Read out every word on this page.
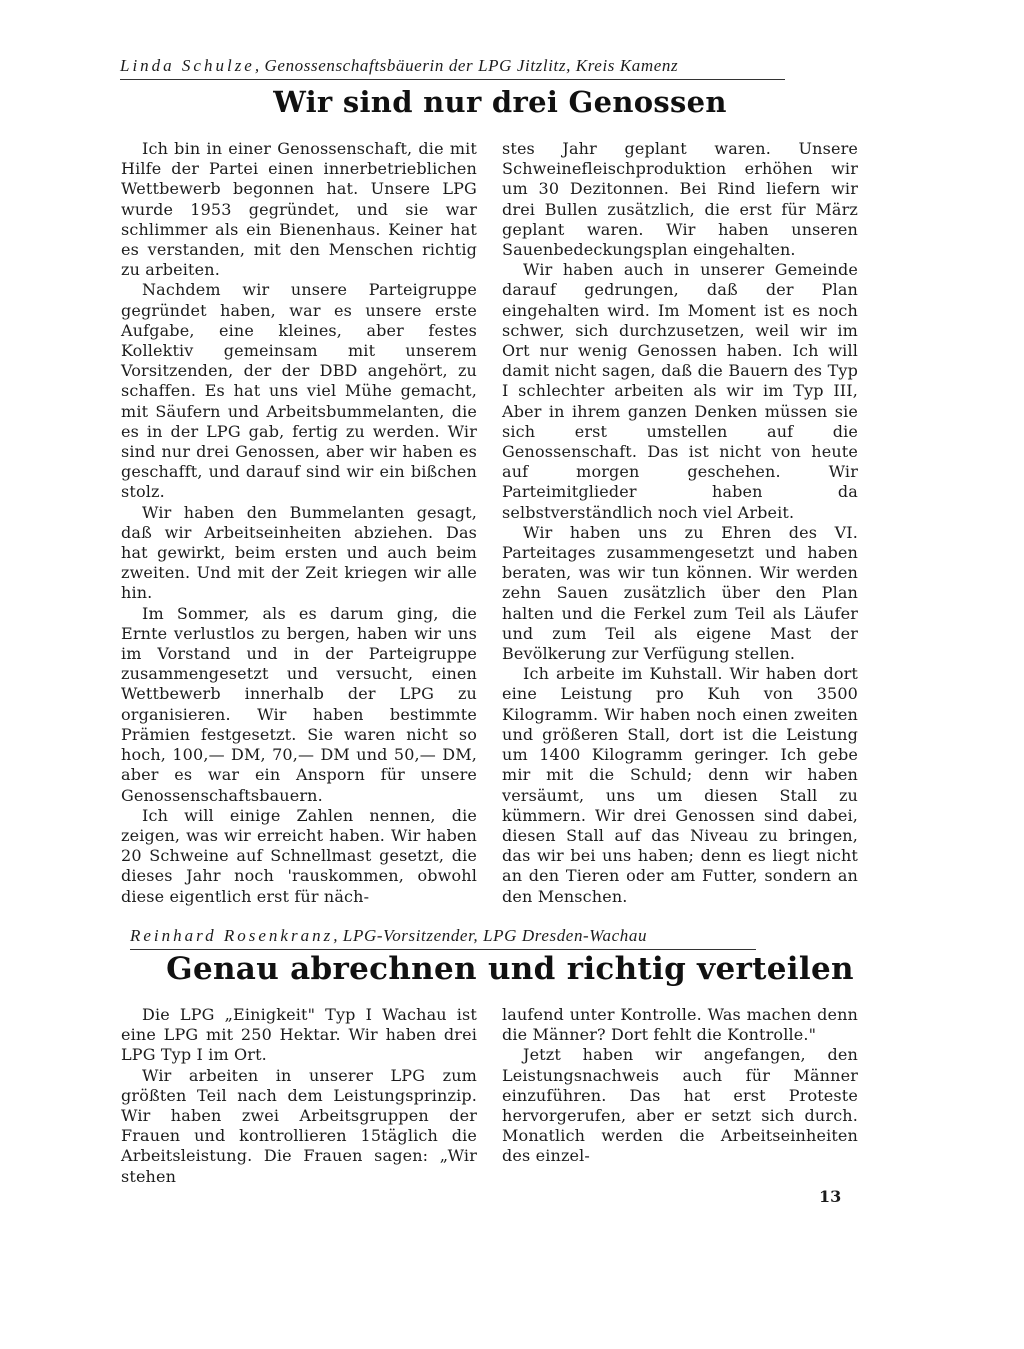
Linda Schulze, Genossenschaftsbäuerin der LPG Jitzlitz, Kreis Kamenz
Wir sind nur drei Genossen

Ich bin in einer Genossenschaft, die mit Hilfe der Partei einen innerbetrieblichen Wettbewerb begonnen hat. Unsere LPG wurde 1953 gegründet, und sie war schlimmer als ein Bienenhaus. Keiner hat es verstanden, mit den Menschen richtig zu arbeiten.

Nachdem wir unsere Parteigruppe gegründet haben, war es unsere erste Aufgabe, eine kleines, aber festes Kollektiv gemeinsam mit unserem Vorsitzenden, der der DBD angehört, zu schaffen. Es hat uns viel Mühe gemacht, mit Säufern und Arbeitsbummelanten, die es in der LPG gab, fertig zu werden. Wir sind nur drei Genossen, aber wir haben es geschafft, und darauf sind wir ein bißchen stolz.

Wir haben den Bummelanten gesagt, daß wir Arbeitseinheiten abziehen. Das hat gewirkt, beim ersten und auch beim zweiten. Und mit der Zeit kriegen wir alle hin.

Im Sommer, als es darum ging, die Ernte verlustlos zu bergen, haben wir uns im Vorstand und in der Parteigruppe zusammengesetzt und versucht, einen Wettbewerb innerhalb der LPG zu organisieren. Wir haben bestimmte Prämien festgesetzt. Sie waren nicht so hoch, 100,— DM, 70,— DM und 50,— DM, aber es war ein Ansporn für unsere Genossenschaftsbauern.

Ich will einige Zahlen nennen, die zeigen, was wir erreicht haben. Wir haben 20 Schweine auf Schnellmast gesetzt, die dieses Jahr noch 'rauskommen, obwohl diese eigentlich erst für näch-

stes Jahr geplant waren. Unsere Schweinefleischproduktion erhöhen wir um 30 Dezitonnen. Bei Rind liefern wir drei Bullen zusätzlich, die erst für März geplant waren. Wir haben unseren Sauenbedeckungsplan eingehalten.

Wir haben auch in unserer Gemeinde darauf gedrungen, daß der Plan eingehalten wird. Im Moment ist es noch schwer, sich durchzusetzen, weil wir im Ort nur wenig Genossen haben. Ich will damit nicht sagen, daß die Bauern des Typ I schlechter arbeiten als wir im Typ III, Aber in ihrem ganzen Denken müssen sie sich erst umstellen auf die Genossenschaft. Das ist nicht von heute auf morgen geschehen. Wir Parteimitglieder haben da selbstverständlich noch viel Arbeit.

Wir haben uns zu Ehren des VI. Parteitages zusammengesetzt und haben beraten, was wir tun können. Wir werden zehn Sauen zusätzlich über den Plan halten und die Ferkel zum Teil als Läufer und zum Teil als eigene Mast der Bevölkerung zur Verfügung stellen.

Ich arbeite im Kuhstall. Wir haben dort eine Leistung pro Kuh von 3500 Kilogramm. Wir haben noch einen zweiten und größeren Stall, dort ist die Leistung um 1400 Kilogramm geringer. Ich gebe mir mit die Schuld; denn wir haben versäumt, uns um diesen Stall zu kümmern. Wir drei Genossen sind dabei, diesen Stall auf das Niveau zu bringen, das wir bei uns haben; denn es liegt nicht an den Tieren oder am Futter, sondern an den Menschen.

Reinhard Rosenkranz, LPG-Vorsitzender, LPG Dresden-Wachau
Genau abrechnen und richtig verteilen

Die LPG „Einigkeit" Typ I Wachau ist eine LPG mit 250 Hektar. Wir haben drei LPG Typ I im Ort.

Wir arbeiten in unserer LPG zum größten Teil nach dem Leistungsprinzip. Wir haben zwei Arbeitsgruppen der Frauen und kontrollieren 15täglich die Arbeitsleistung. Die Frauen sagen: „Wir stehen

laufend unter Kontrolle. Was machen denn die Männer? Dort fehlt die Kontrolle."

Jetzt haben wir angefangen, den Leistungsnachweis auch für Männer einzuführen. Das hat erst Proteste hervorgerufen, aber er setzt sich durch. Monatlich werden die Arbeitseinheiten des einzel-

13
